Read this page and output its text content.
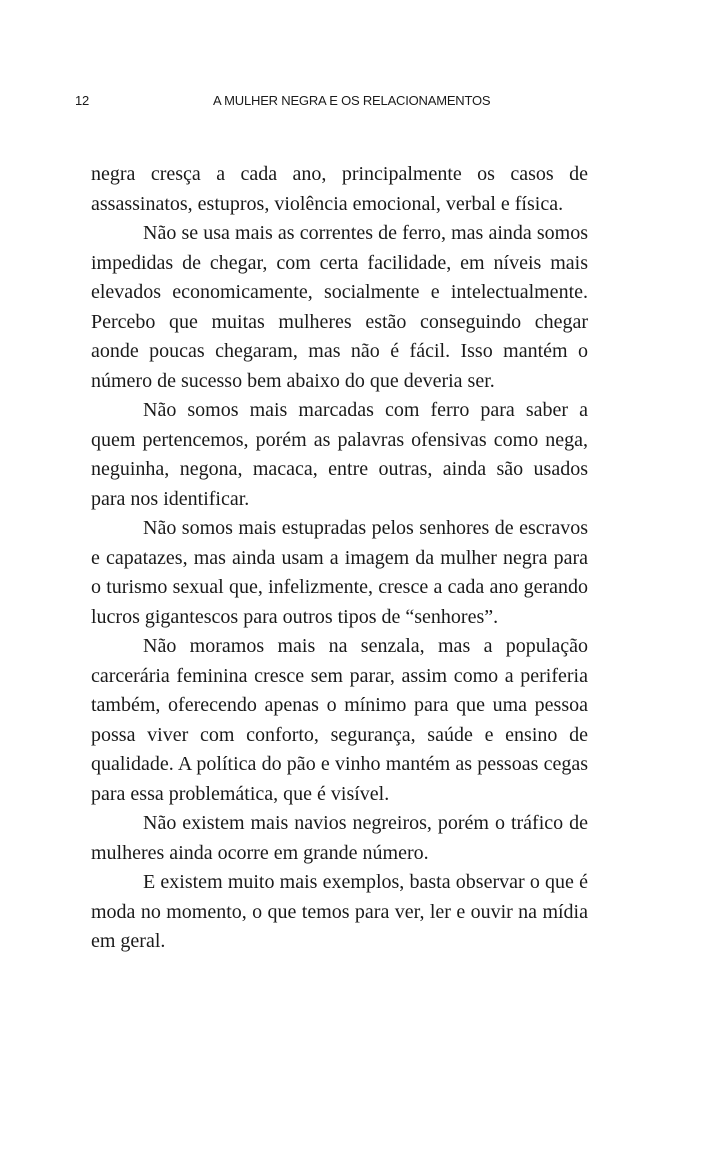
12	A MULHER NEGRA E OS RELACIONAMENTOS

negra cresça a cada ano, principalmente os casos de assassinatos, estupros, violência emocional, verbal e física.

Não se usa mais as correntes de ferro, mas ainda somos impedidas de chegar, com certa facilidade, em níveis mais elevados economicamente, socialmente e intelectualmente. Percebo que muitas mulheres estão conseguindo chegar aonde poucas chegaram, mas não é fácil. Isso mantém o número de sucesso bem abaixo do que deveria ser.

Não somos mais marcadas com ferro para saber a quem pertencemos, porém as palavras ofensivas como nega, neguinha, negona, macaca, entre outras, ainda são usados para nos identificar.

Não somos mais estupradas pelos senhores de escravos e capatazes, mas ainda usam a imagem da mulher negra para o turismo sexual que, infelizmente, cresce a cada ano gerando lucros gigantescos para outros tipos de “senhores”.

Não moramos mais na senzala, mas a população carcerária feminina cresce sem parar, assim como a periferia também, oferecendo apenas o mínimo para que uma pessoa possa viver com conforto, segurança, saúde e ensino de qualidade. A política do pão e vinho mantém as pessoas cegas para essa problemática, que é visível.

Não existem mais navios negreiros, porém o tráfico de mulheres ainda ocorre em grande número.

E existem muito mais exemplos, basta observar o que é moda no momento, o que temos para ver, ler e ouvir na mídia em geral.
